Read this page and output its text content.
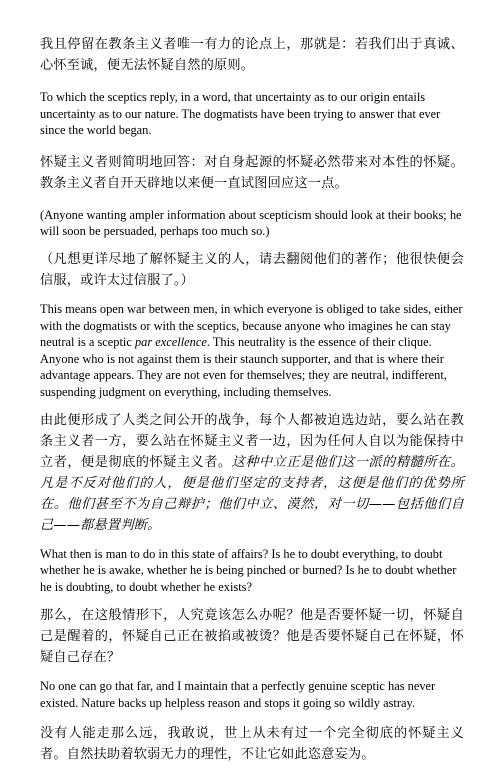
我且停留在教条主义者唯一有力的论点上，那就是：若我们出于真诚、心怀至诚，便无法怀疑自然的原则。

To which the sceptics reply, in a word, that uncertainty as to our origin entails uncertainty as to our nature. The dogmatists have been trying to answer that ever since the world began.

怀疑主义者则简明地回答：对自身起源的怀疑必然带来对本性的怀疑。教条主义者自开天辟地以来便一直试图回应这一点。

(Anyone wanting ampler information about scepticism should look at their books; he will soon be persuaded, perhaps too much so.)

（凡想更详尽地了解怀疑主义的人，请去翻阅他们的著作；他很快便会信服，或许太过信服了。）

This means open war between men, in which everyone is obliged to take sides, either with the dogmatists or with the sceptics, because anyone who imagines he can stay neutral is a sceptic par excellence. This neutrality is the essence of their clique. Anyone who is not against them is their staunch supporter, and that is where their advantage appears. They are not even for themselves; they are neutral, indifferent, suspending judgment on everything, including themselves.

由此便形成了人类之间公开的战争，每个人都被迫选边站，要么站在教条主义者一方，要么站在怀疑主义者一边，因为任何人自以为能保持中立者，便是彻底的怀疑主义者。这种中立正是他们这一派的精髓所在。凡是不反对他们的人，便是他们坚定的支持者，这便是他们的优势所在。他们甚至不为自己辩护；他们中立、漠然，对一切——包括他们自己——都悬置判断。

What then is man to do in this state of affairs? Is he to doubt everything, to doubt whether he is awake, whether he is being pinched or burned? Is he to doubt whether he is doubting, to doubt whether he exists?

那么，在这般情形下，人究竟该怎么办呢？他是否要怀疑一切，怀疑自己是醒着的，怀疑自己正在被掐或被烫？他是否要怀疑自己在怀疑，怀疑自己存在？

No one can go that far, and I maintain that a perfectly genuine sceptic has never existed. Nature backs up helpless reason and stops it going so wildly astray.

没有人能走那么远，我敢说，世上从未有过一个完全彻底的怀疑主义者。自然扶助着软弱无力的理性，不让它如此恣意妄为。
